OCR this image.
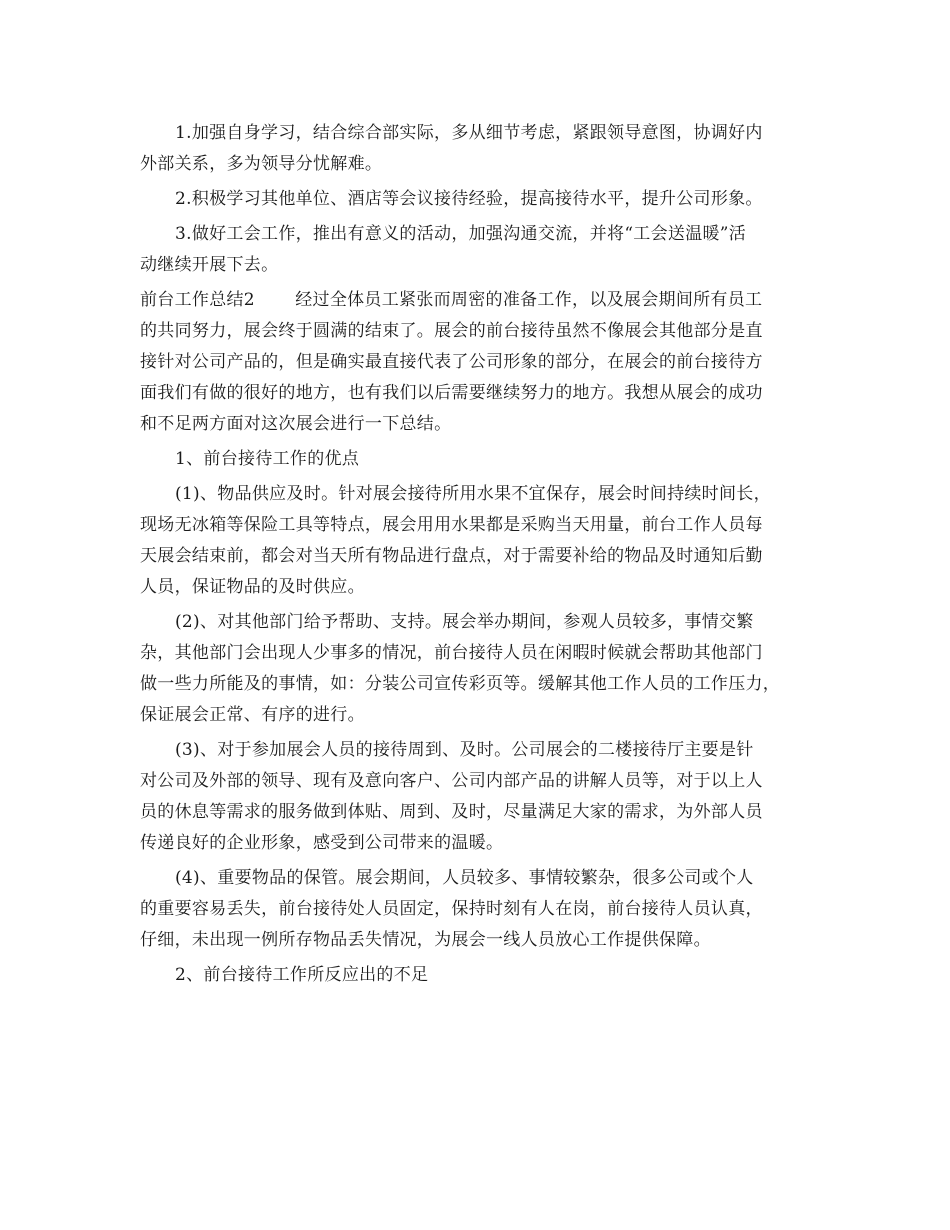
1.加强自身学习，结合综合部实际，多从细节考虑，紧跟领导意图，协调好内
外部关系，多为领导分忧解难。
2.积极学习其他单位、酒店等会议接待经验，提高接待水平，提升公司形象。
3.做好工会工作，推出有意义的活动，加强沟通交流，并将“工会送温暖”活
动继续开展下去。
前台工作总结2　　 经过全体员工紧张而周密的准备工作，以及展会期间所有员工
的共同努力，展会终于圆满的结束了。展会的前台接待虽然不像展会其他部分是直
接针对公司产品的，但是确实最直接代表了公司形象的部分，在展会的前台接待方
面我们有做的很好的地方，也有我们以后需要继续努力的地方。我想从展会的成功
和不足两方面对这次展会进行一下总结。
1、前台接待工作的优点
(1)、物品供应及时。针对展会接待所用水果不宜保存，展会时间持续时间长，
现场无冰箱等保险工具等特点，展会用用水果都是采购当天用量，前台工作人员每
天展会结束前，都会对当天所有物品进行盘点，对于需要补给的物品及时通知后勤
人员，保证物品的及时供应。
(2)、对其他部门给予帮助、支持。展会举办期间，参观人员较多，事情交繁
杂，其他部门会出现人少事多的情况，前台接待人员在闲暇时候就会帮助其他部门
做一些力所能及的事情，如：分装公司宣传彩页等。缓解其他工作人员的工作压力，
保证展会正常、有序的进行。
(3)、对于参加展会人员的接待周到、及时。公司展会的二楼接待厅主要是针
对公司及外部的领导、现有及意向客户、公司内部产品的讲解人员等，对于以上人
员的休息等需求的服务做到体贴、周到、及时，尽量满足大家的需求，为外部人员
传递良好的企业形象，感受到公司带来的温暖。
(4)、重要物品的保管。展会期间，人员较多、事情较繁杂，很多公司或个人
的重要容易丢失，前台接待处人员固定，保持时刻有人在岗，前台接待人员认真，
仔细，未出现一例所存物品丢失情况，为展会一线人员放心工作提供保障。
2、前台接待工作所反应出的不足
